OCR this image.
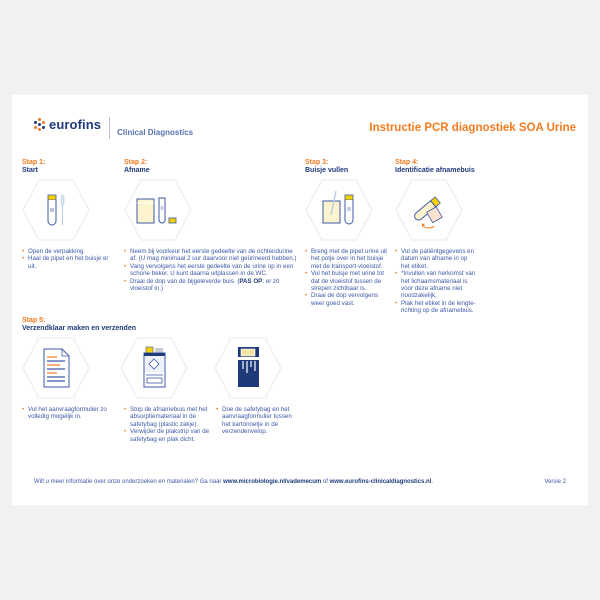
eurofins
Clinical Diagnostics	Instructie PCR diagnostiek SOA Urine
Stap 1:
Start
• Open de verpakking.
• Haal de pipet en het buisje er uit.
Stap 2:
Afname
• Neem bij voorkeur het eerste gedeelte van de ochtendurine af. (U mag minimaal 2 uur daarvoor niet geürineerd hebben.)
• Vang vervolgens het eerste gedeelte van de urine op in een schone beker. U kunt daarna uitplassen in de WC.
• Draai de dop van de bijgeleverde buis. (PAS OP: er zit vloeistof in.)
Stap 3:
Buisje vullen
• Breng met de pipet urine uit het potje over in het buisje met de transport-vloeistof.
• Vul het buisje met urine tot dat de vloeistof tussen de strepen zichtbaar is.
• Draai de dop vervolgens weer goed vast.
Stap 4:
Identificatie afnamebuis
• Vul de patiëntgegevens en datum van afname in op het etiket.
• *Invullen van herkomst van het lichaamsmateriaal is voor deze afname niet noodzakelijk.
• Plak het etiket in de lengte-richting op de afnamebuis.
Stap 5:
Verzendklaar maken en verzenden
• Vul het aanvraagformulier zo volledig mogelijk in.
• Stop de afnamebuis met het absorptiemateriaal in de safetybag (plastic zakje).
• Verwijder de plakstrip van de safetybag en plak dicht.
• Doe de safetybag en het aanvraagformulier tussen het kartonnetje in de verzendenvelop.
Wilt u meer informatie over onze onderzoeken en materialen? Ga naar www.microbiologie.nl/vademecum of www.eurofins-clinicaldiagnostics.nl.	Versie 2
